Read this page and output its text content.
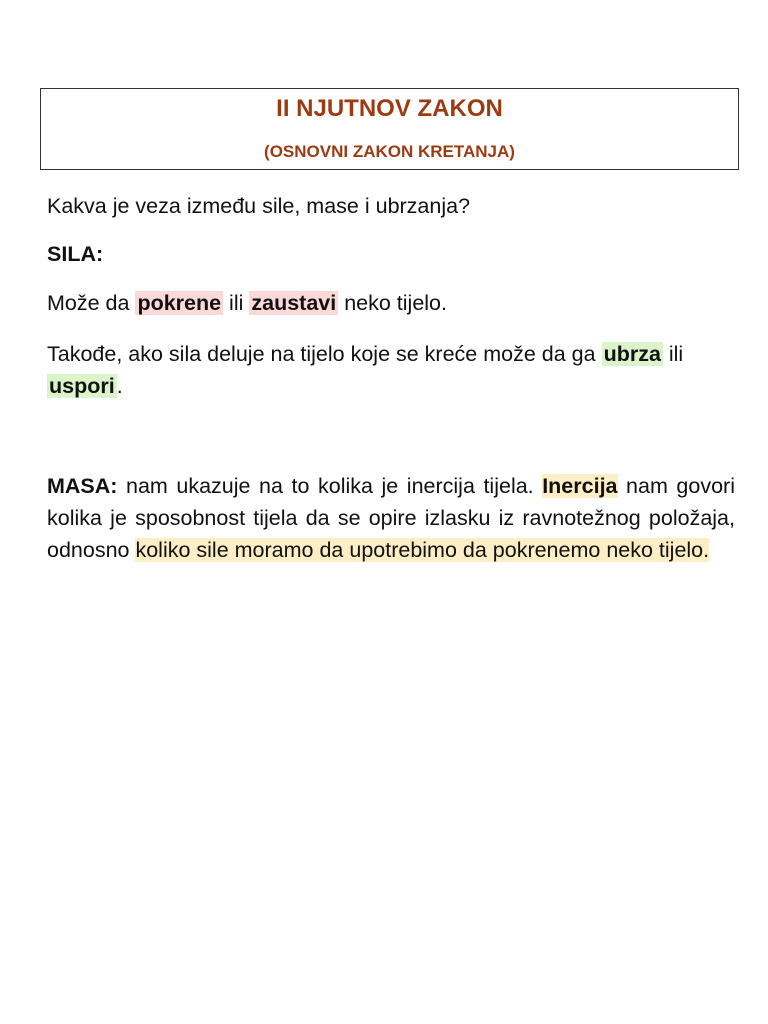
II NJUTNOV ZAKON
(OSNOVNI ZAKON KRETANJA)

Kakva je veza između sile, mase i ubrzanja?

SILA:

Može da pokrene ili zaustavi neko tijelo.

Takođe, ako sila deluje na tijelo koje se kreće može da ga ubrza ili uspori.

MASA: nam ukazuje na to kolika je inercija tijela. Inercija nam govori kolika je sposobnost tijela da se opire izlasku iz ravnotežnog položaja, odnosno koliko sile moramo da upotrebimo da pokrenemo neko tijelo.
